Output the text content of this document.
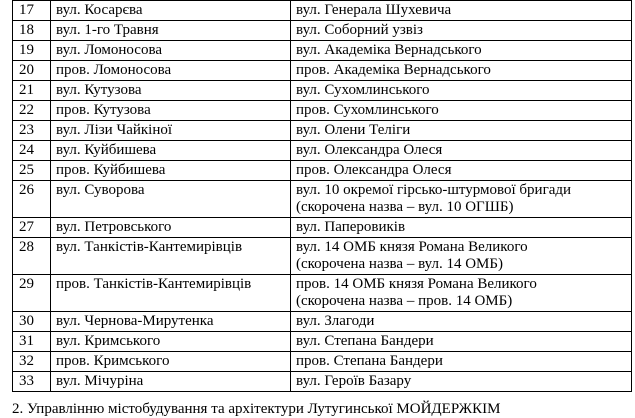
17	вул. Косарєва	вул. Генерала Шухевича

18	вул. 1-го Травня	вул. Соборний узвіз

19	вул. Ломоносова	вул. Академіка Вернадського

20	пров. Ломоносова	пров. Академіка Вернадського

21	вул. Кутузова	вул. Сухомлинського

22	пров. Кутузова	пров. Сухомлинського

23	вул. Лізи Чайкіної	вул. Олени Теліги

24	вул. Куйбишева	вул. Олександра Олеся

25	пров. Куйбишева	пров. Олександра Олеся

26	вул. Суворова	вул. 10 окремої гірсько-штурмової бригади
(скорочена назва – вул. 10 ОГШБ)

27	вул. Петровського	вул. Паперовиків

28	вул. Танкістів-Кантемирівців	вул. 14 ОМБ князя Романа Великого
(скорочена назва – вул. 14 ОМБ)

29	пров. Танкістів-Кантемирівців	пров. 14 ОМБ князя Романа Великого
(скорочена назва – пров. 14 ОМБ)

30	вул. Чернова-Мирутенка	вул. Злагоди

31	вул. Кримського	вул. Степана Бандери

32	пров. Кримського	пров. Степана Бандери

33	вул. Мічуріна	вул. Героїв Базару
2. Управлінню містобудування та архітектури Лутугинської МОЙДЕРЖКІМ
